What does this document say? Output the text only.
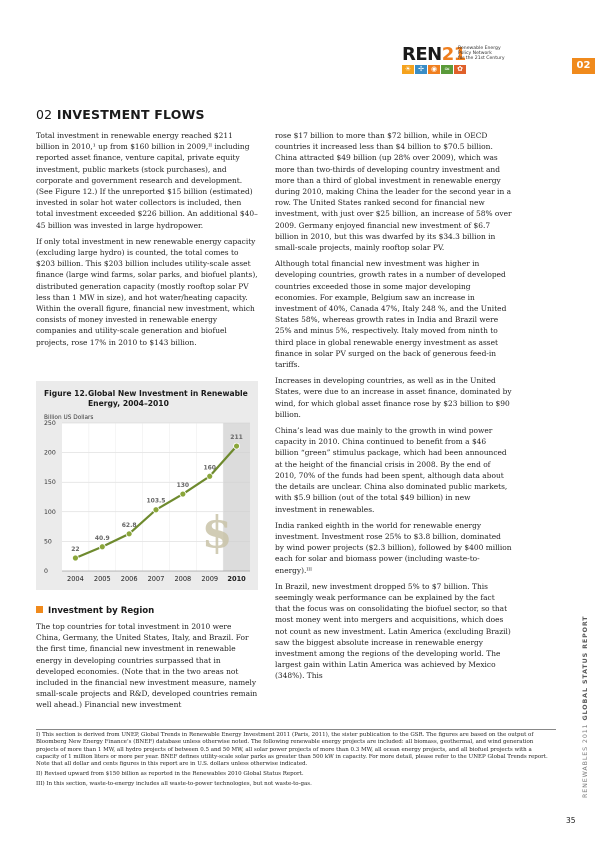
REN21
Renewable Energy
Policy Network
for the 21st Century
☀ ✢	◉	≈	✿	02
02 INVESTMENT FLOWS

Total investment in renewable energy reached $211 billion in 2010,¹ up from $160 billion in 2009,ᴵᴵ including reported asset finance, venture capital, private equity investment, public markets (stock purchases), and corporate and government research and development. (See Figure 12.) If the unreported $15 billion (estimated) invested in solar hot water collectors is included, then total investment exceeded $226 billion. An additional $40–45 billion was invested in large hydropower.

If only total investment in new renewable energy capacity (excluding large hydro) is counted, the total comes to $203 billion. This $203 billion includes utility-scale asset finance (large wind farms, solar parks, and biofuel plants), distributed generation capacity (mostly rooftop solar PV less than 1 MW in size), and hot water/heating capacity. Within the overall figure, financial new investment, which consists of money invested in renewable energy companies and utility-scale generation and biofuel projects, rose 17% in 2010 to $143 billion.

Figure 12. Global New Investment in Renewable Energy, 2004–2010
Billion US Dollars
0
50
100
150
200
250
$
22
40.9
62.8
103.5
130
160
211
2004 2005 2006 2007 2008 2009 2010
Investment by Region

The top countries for total investment in 2010 were China, Germany, the United States, Italy, and Brazil. For the first time, financial new investment in renewable energy in developing countries surpassed that in developed economies. (Note that in the two areas not included in the financial new investment measure, namely small-scale projects and R&D, developed countries remain well ahead.) Financial new investment

rose $17 billion to more than $72 billion, while in OECD countries it increased less than $4 billion to $70.5 billion. China attracted $49 billion (up 28% over 2009), which was more than two-thirds of developing country investment and more than a third of global investment in renewable energy during 2010, making China the leader for the second year in a row. The United States ranked second for financial new investment, with just over $25 billion, an increase of 58% over 2009. Germany enjoyed financial new investment of $6.7 billion in 2010, but this was dwarfed by its $34.3 billion in small-scale projects, mainly rooftop solar PV.

Although total financial new investment was higher in developing countries, growth rates in a number of developed countries exceeded those in some major developing economies. For example, Belgium saw an increase in investment of 40%, Canada 47%, Italy 248 %, and the United States 58%, whereas growth rates in India and Brazil were 25% and minus 5%, respectively. Italy moved from ninth to third place in global renewable energy investment as asset finance in solar PV surged on the back of generous feed-in tariffs.

Increases in developing countries, as well as in the United States, were due to an increase in asset finance, dominated by wind, for which global asset finance rose by $23 billion to $90 billion.

China’s lead was due mainly to the growth in wind power capacity in 2010. China continued to benefit from a $46 billion “green” stimulus package, which had been announced at the height of the financial crisis in 2008. By the end of 2010, 70% of the funds had been spent, although data about the details are unclear. China also dominated public markets, with $5.9 billion (out of the total $49 billion) in new investment in renewables.

India ranked eighth in the world for renewable energy investment. Investment rose 25% to $3.8 billion, dominated by wind power projects ($2.3 billion), followed by $400 million each for solar and biomass power (including waste-to-energy).ᴵᴵᴵ

In Brazil, new investment dropped 5% to $7 billion. This seemingly weak performance can be explained by the fact that the focus was on consolidating the biofuel sector, so that most money went into mergers and acquisitions, which does not count as new investment. Latin America (excluding Brazil) saw the biggest absolute increase in renewable energy investment among the regions of the developing world. The largest gain within Latin America was achieved by Mexico (348%). This

I) This section is derived from UNEP, Global Trends in Renewable Energy Investment 2011 (Paris, 2011), the sister publication to the GSR. The figures are based on the output of Bloomberg New Energy Finance’s (BNEF) database unless otherwise noted. The following renewable energy projects are included: all biomass, geothermal, and wind generation projects of more than 1 MW, all hydro projects of between 0.5 and 50 MW, all solar power projects of more than 0.3 MW, all ocean energy projects, and all biofuel projects with a capacity of 1 million liters or more per year. BNEF defines utility-scale solar parks as greater than 500 kW in capacity. For more detail, please refer to the UNEP Global Trends report. Note that all dollar and cents figures in this report are in U.S. dollars unless otherwise indicated.

II) Revised upward from $150 billion as reported in the Renewables 2010 Global Status Report.

III) In this section, waste-to-energy includes all waste-to-power technologies, but not waste-to-gas.	RENEWABLES 2011 GLOBAL STATUS REPORT
35
